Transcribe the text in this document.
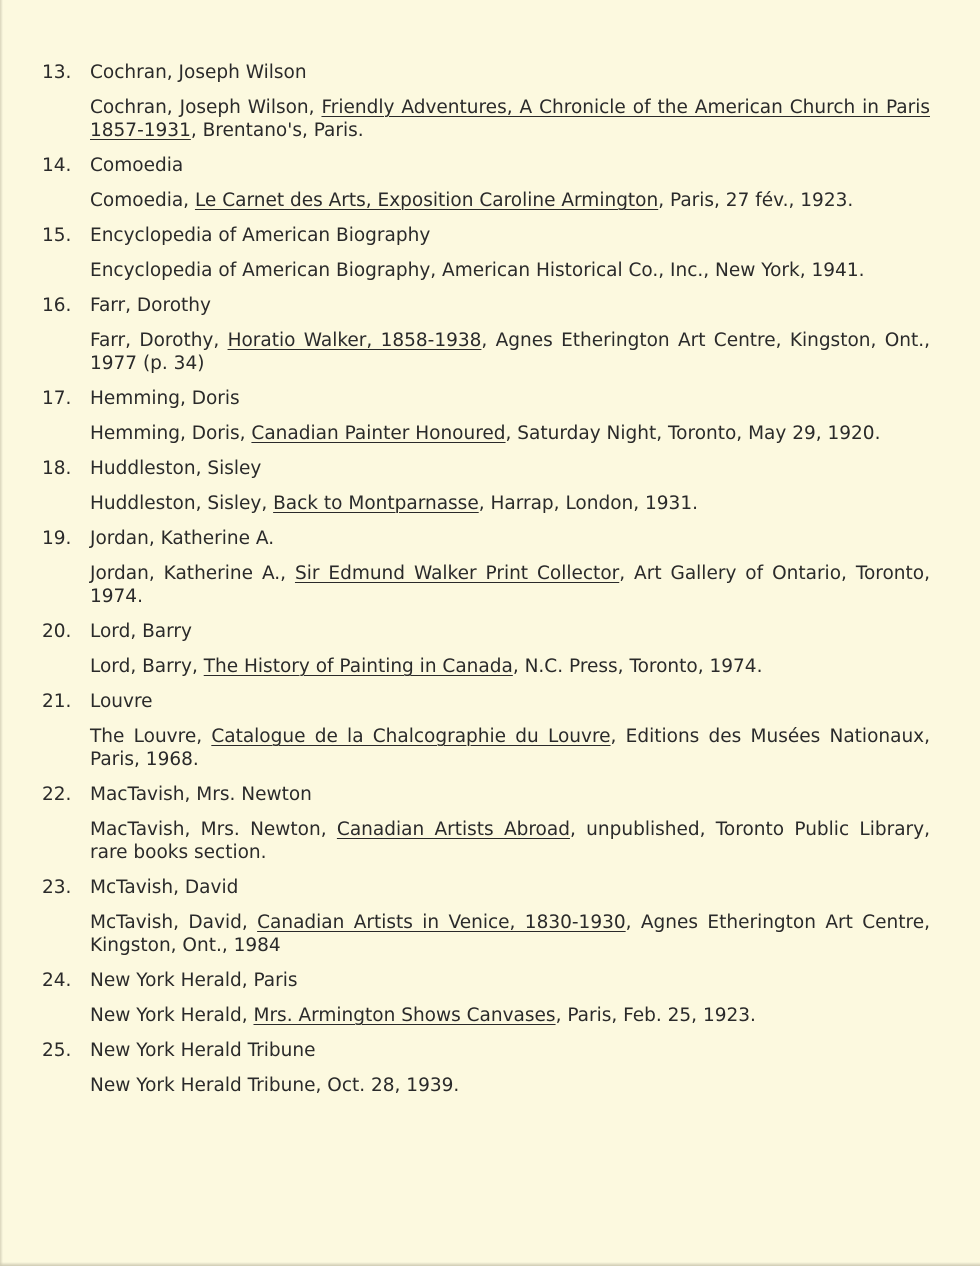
13.	Cochran, Joseph Wilson
Cochran, Joseph Wilson, Friendly Adventures, A Chronicle of the American Church in Paris 1857-1931, Brentano's, Paris.
14.	Comoedia
Comoedia, Le Carnet des Arts, Exposition Caroline Armington, Paris, 27 fév., 1923.
15.	Encyclopedia of American Biography
Encyclopedia of American Biography, American Historical Co., Inc., New York, 1941.
16.	Farr, Dorothy
Farr, Dorothy, Horatio Walker, 1858-1938, Agnes Etherington Art Centre, Kingston, Ont., 1977 (p. 34)
17.	Hemming, Doris
Hemming, Doris, Canadian Painter Honoured, Saturday Night, Toronto, May 29, 1920.
18.	Huddleston, Sisley
Huddleston, Sisley, Back to Montparnasse, Harrap, London, 1931.
19.	Jordan, Katherine A.
Jordan, Katherine A., Sir Edmund Walker Print Collector, Art Gallery of Ontario, Toronto, 1974.
20.	Lord, Barry
Lord, Barry, The History of Painting in Canada, N.C. Press, Toronto, 1974.
21.	Louvre
The Louvre, Catalogue de la Chalcographie du Louvre, Editions des Musées Nationaux, Paris, 1968.
22.	MacTavish, Mrs. Newton
MacTavish, Mrs. Newton, Canadian Artists Abroad, unpublished, Toronto Public Library, rare books section.
23.	McTavish, David
McTavish, David, Canadian Artists in Venice, 1830-1930, Agnes Etherington Art Centre, Kingston, Ont., 1984
24.	New York Herald, Paris
New York Herald, Mrs. Armington Shows Canvases, Paris, Feb. 25, 1923.
25.	New York Herald Tribune
New York Herald Tribune, Oct. 28, 1939.
